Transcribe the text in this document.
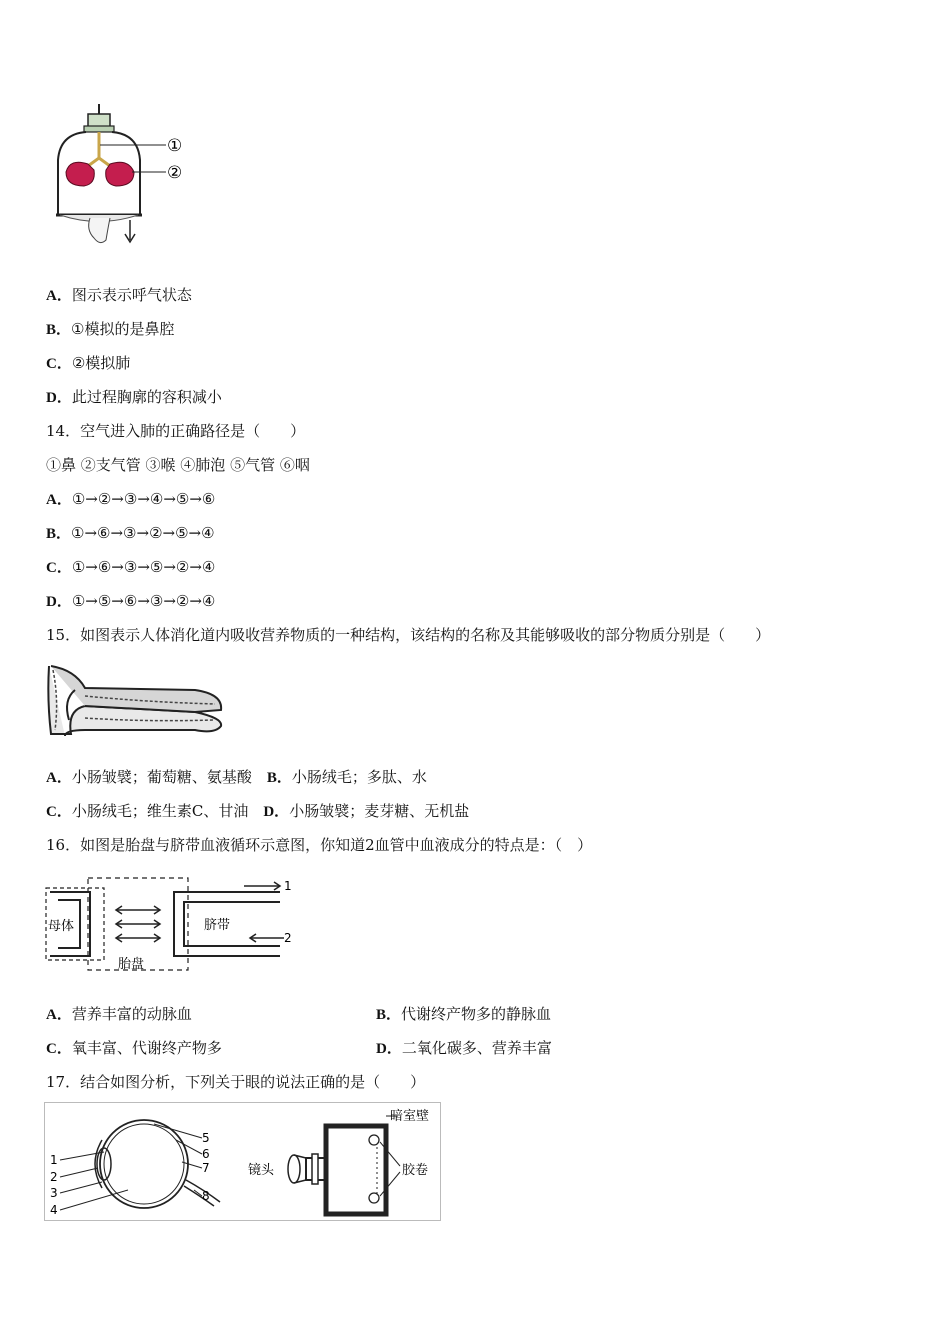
①
②
A．图示表示呼气状态
B．①模拟的是鼻腔
C．②模拟肺
D．此过程胸廓的容积减小
14．空气进入肺的正确路径是（　　）
①鼻 ②支气管 ③喉 ④肺泡 ⑤气管 ⑥咽
A．①→②→③→④→⑤→⑥
B．①→⑥→③→②→⑤→④
C．①→⑥→③→⑤→②→④
D．①→⑤→⑥→③→②→④
15．如图表示人体消化道内吸收营养物质的一种结构，该结构的名称及其能够吸收的部分物质分别是（　　）
A．小肠皱襞；葡萄糖、氨基酸　 B．小肠绒毛；多肽、水
C．小肠绒毛；维生素C、甘油　 D．小肠皱襞；麦芽糖、无机盐
16．如图是胎盘与脐带血液循环示意图，你知道2血管中血液成分的特点是：（　）
1
2
母体	脐带
胎盘
A．营养丰富的动脉血	B．代谢终产物多的静脉血
C．氧丰富、代谢终产物多	D．二氧化碳多、营养丰富
17．结合如图分析，下列关于眼的说法正确的是（　　）
1
2
3
4
5
6
7
8
暗室壁
镜头	胶卷
